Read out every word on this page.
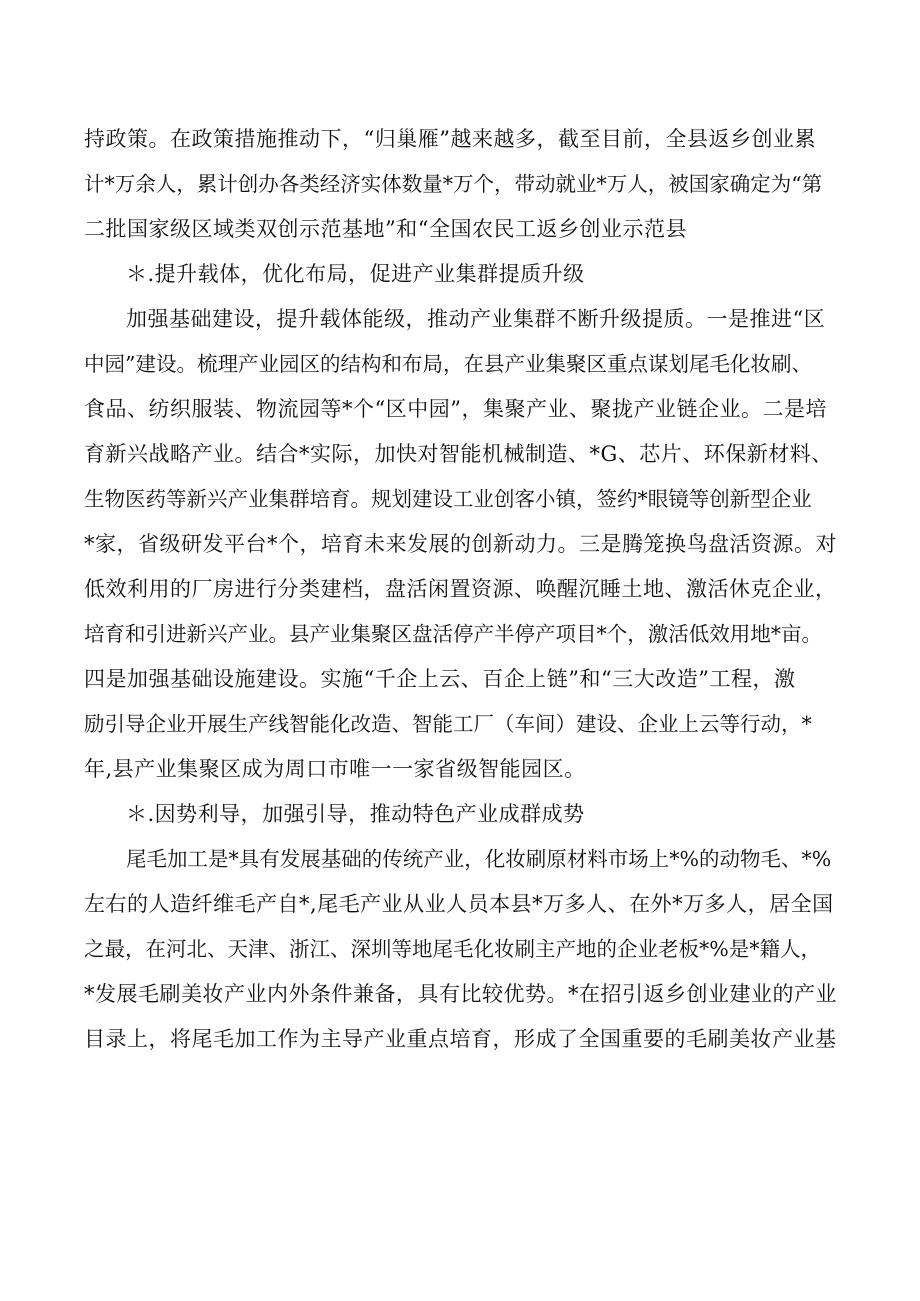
持政策。在政策措施推动下，“归巢雁”越来越多，截至目前，全县返乡创业累
计*万余人，累计创办各类经济实体数量*万个，带动就业*万人，被国家确定为“第
二批国家级区域类双创示范基地”和“全国农民工返乡创业示范县
＊.提升载体，优化布局，促进产业集群提质升级
加强基础建设，提升载体能级，推动产业集群不断升级提质。一是推进“区
中园”建设。梳理产业园区的结构和布局，在县产业集聚区重点谋划尾毛化妆刷、
食品、纺织服装、物流园等*个“区中园”，集聚产业、聚拢产业链企业。二是培
育新兴战略产业。结合*实际，加快对智能机械制造、*G、芯片、环保新材料、
生物医药等新兴产业集群培育。规划建设工业创客小镇，签约*眼镜等创新型企业
*家，省级研发平台*个，培育未来发展的创新动力。三是腾笼换鸟盘活资源。对
低效利用的厂房进行分类建档，盘活闲置资源、唤醒沉睡土地、激活休克企业，
培育和引进新兴产业。县产业集聚区盘活停产半停产项目*个，激活低效用地*亩。
四是加强基础设施建设。实施“千企上云、百企上链”和“三大改造”工程，激
励引导企业开展生产线智能化改造、智能工厂（车间）建设、企业上云等行动，*
年,县产业集聚区成为周口市唯一一家省级智能园区。
＊.因势利导，加强引导，推动特色产业成群成势
尾毛加工是*具有发展基础的传统产业，化妆刷原材料市场上*%的动物毛、*%
左右的人造纤维毛产自*,尾毛产业从业人员本县*万多人、在外*万多人，居全国
之最，在河北、天津、浙江、深圳等地尾毛化妆刷主产地的企业老板*%是*籍人，
*发展毛刷美妆产业内外条件兼备，具有比较优势。*在招引返乡创业建业的产业
目录上，将尾毛加工作为主导产业重点培育，形成了全国重要的毛刷美妆产业基
